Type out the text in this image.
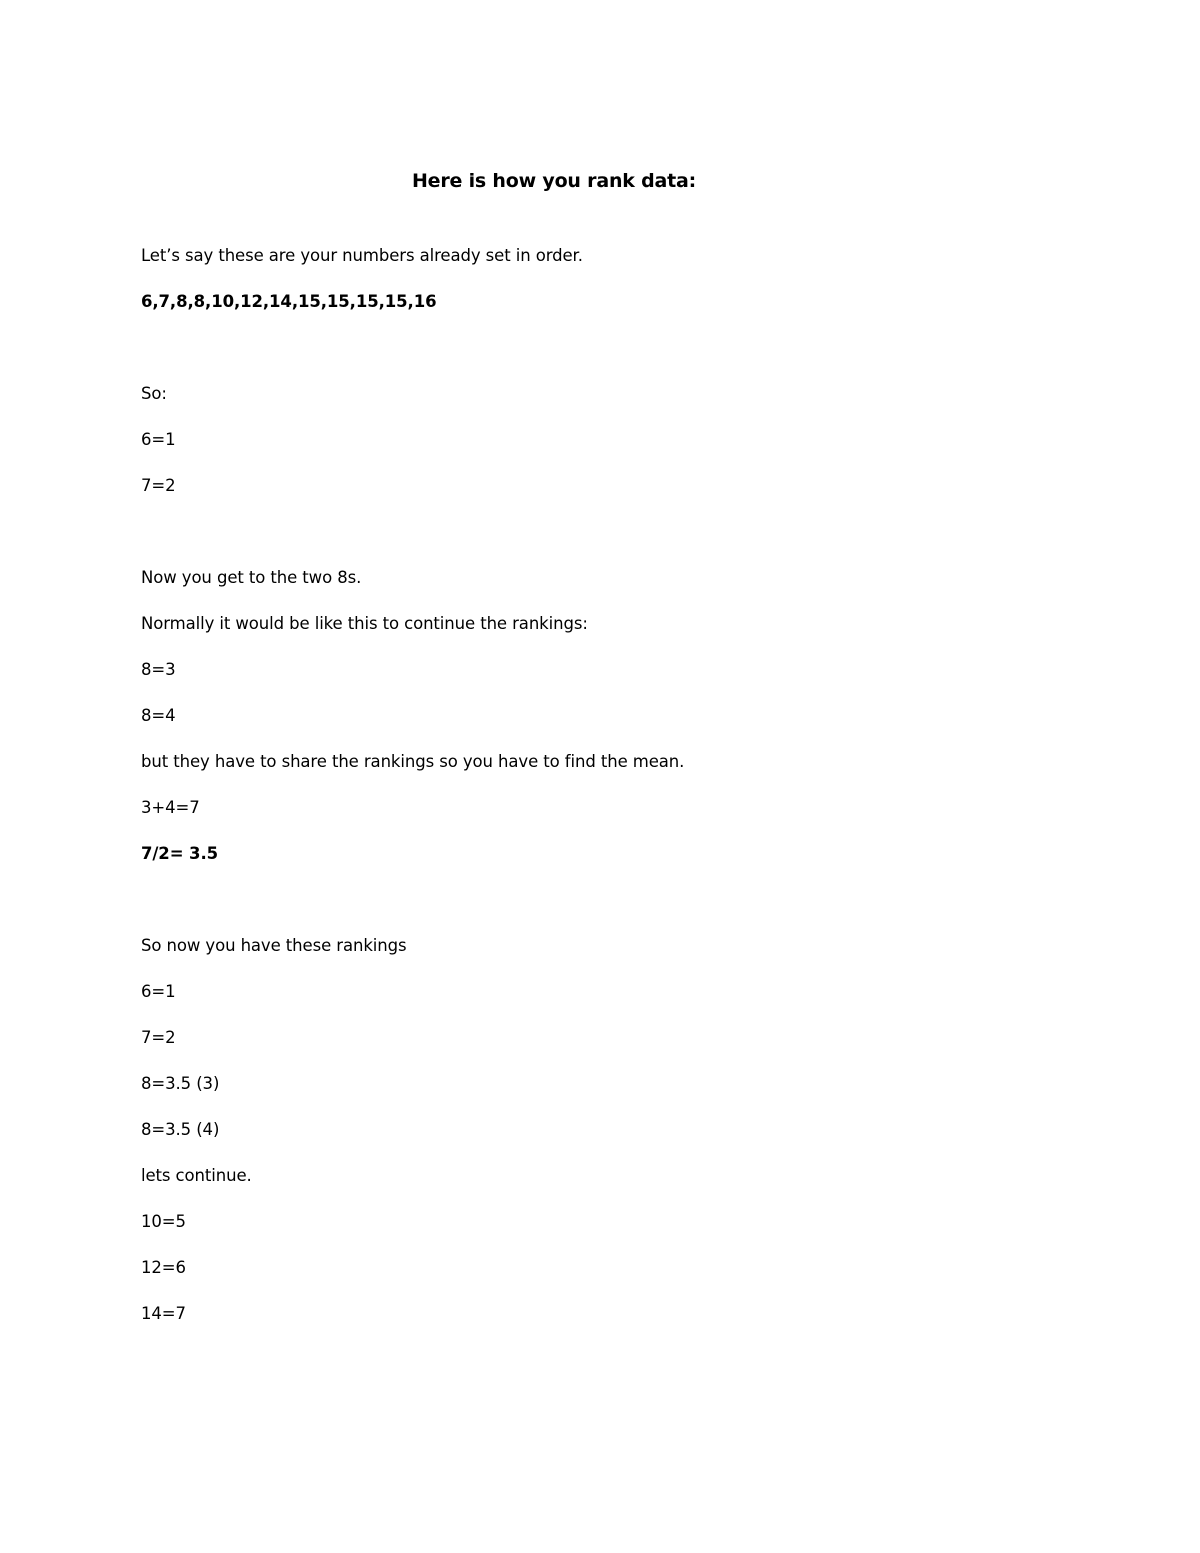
Here is how you rank data:
Let’s say these are your numbers already set in order.
6,7,8,8,10,12,14,15,15,15,15,16
So:
6=1
7=2
Now you get to the two 8s.
Normally it would be like this to continue the rankings:
8=3
8=4
but they have to share the rankings so you have to find the mean.
3+4=7
7/2= 3.5
So now you have these rankings
6=1
7=2
8=3.5 (3)
8=3.5 (4)
lets continue.
10=5
12=6
14=7
